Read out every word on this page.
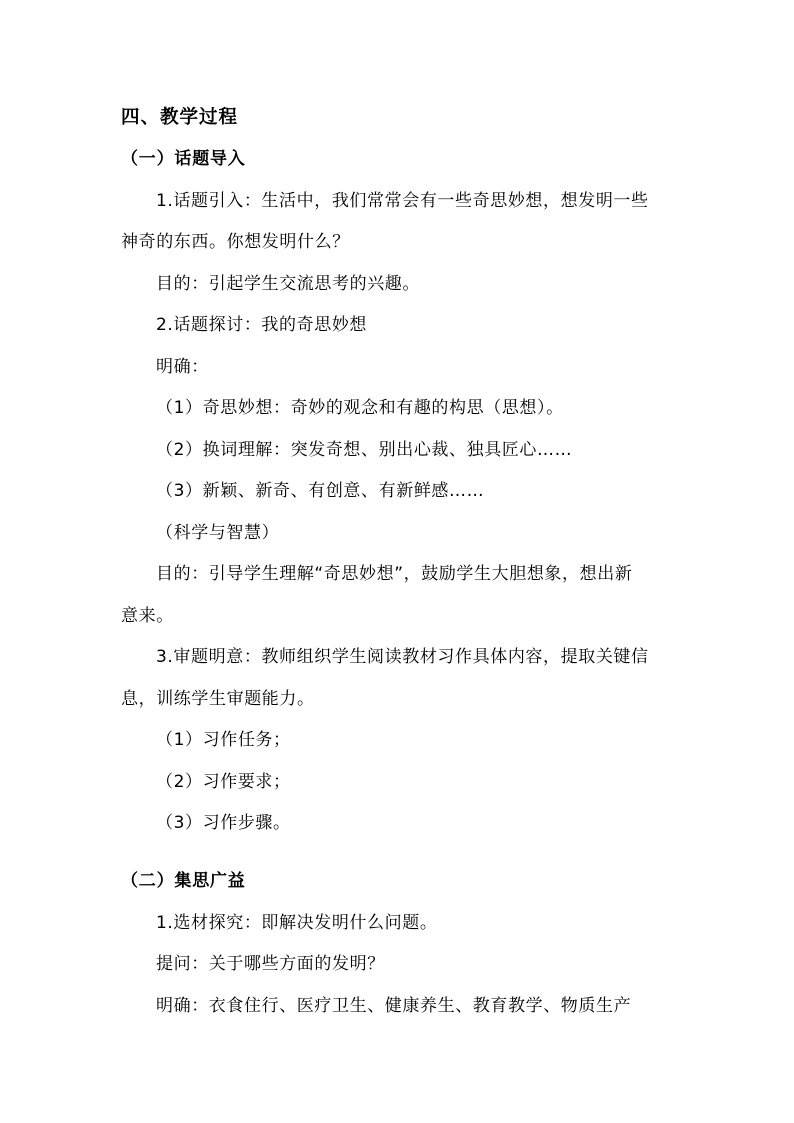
四、教学过程
（一）话题导入
1.话题引入：生活中，我们常常会有一些奇思妙想，想发明一些
神奇的东西。你想发明什么？
目的：引起学生交流思考的兴趣。
2.话题探讨：我的奇思妙想
明确：
（1）奇思妙想：奇妙的观念和有趣的构思（思想）。
（2）换词理解：突发奇想、别出心裁、独具匠心……
（3）新颖、新奇、有创意、有新鲜感……
（科学与智慧）
目的：引导学生理解“奇思妙想”，鼓励学生大胆想象，想出新
意来。
3.审题明意：教师组织学生阅读教材习作具体内容，提取关键信
息，训练学生审题能力。
（1）习作任务；
（2）习作要求；
（3）习作步骤。
（二）集思广益
1.选材探究：即解决发明什么问题。
提问：关于哪些方面的发明？
明确：衣食住行、医疗卫生、健康养生、教育教学、物质生产
